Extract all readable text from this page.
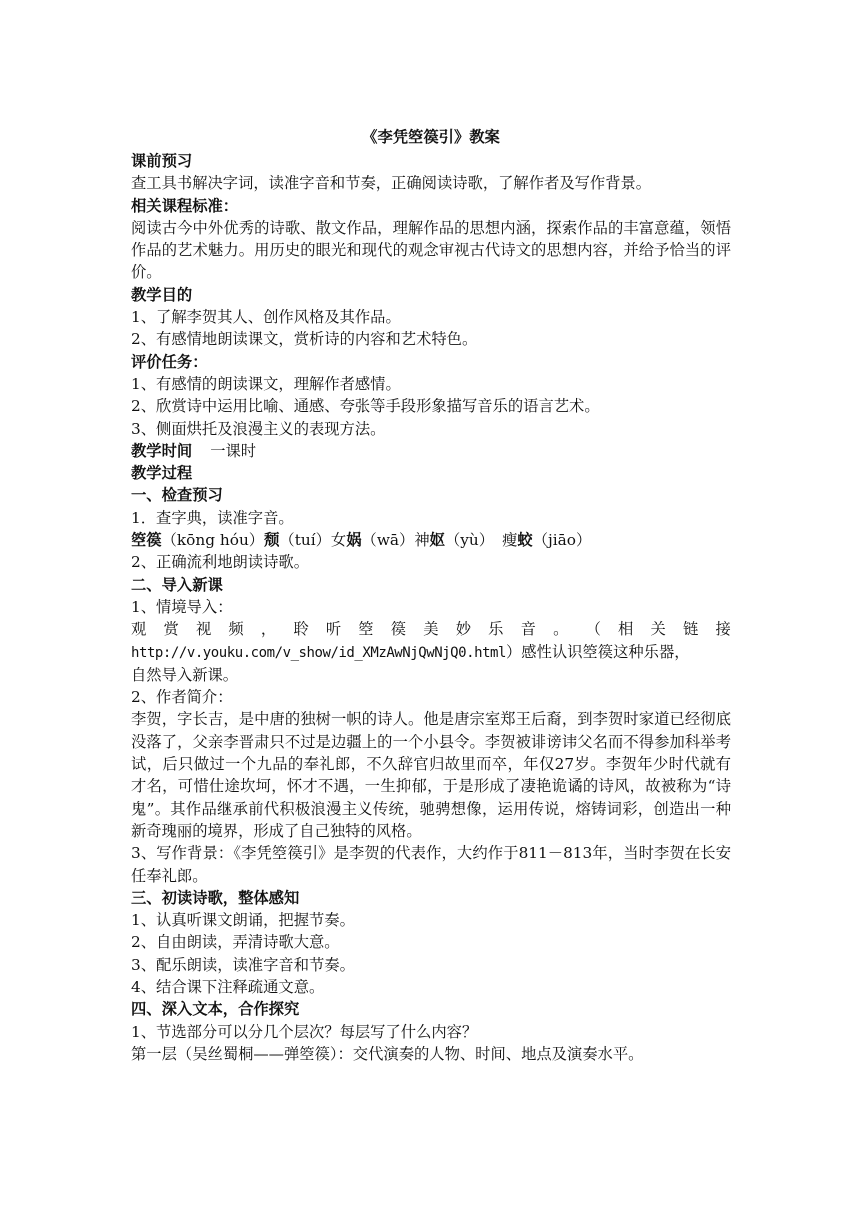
《李凭箜篌引》教案

课前预习

查工具书解决字词，读准字音和节奏，正确阅读诗歌，了解作者及写作背景。

相关课程标准：

阅读古今中外优秀的诗歌、散文作品，理解作品的思想内涵，探索作品的丰富意蕴，领悟作品的艺术魅力。用历史的眼光和现代的观念审视古代诗文的思想内容，并给予恰当的评价。

教学目的

1、了解李贺其人、创作风格及其作品。

2、有感情地朗读课文，赏析诗的内容和艺术特色。

评价任务：

1、有感情的朗读课文，理解作者感情。

2、欣赏诗中运用比喻、通感、夸张等手段形象描写音乐的语言艺术。

3、侧面烘托及浪漫主义的表现方法。

教学时间 一课时

教学过程

一、检查预习

1．查字典，读准字音。

箜篌（kōng hóu）颓（tuí）女娲（wā）神妪（yù） 瘦蛟（jiāo）

2、正确流利地朗读诗歌。

二、导入新课

1、情境导入：

观 赏 视 频 ， 聆 听 箜 篌 美 妙 乐 音 。 （ 相 关 链 接

http://v.youku.com/v_show/id_XMzAwNjQwNjQ0.html）感性认识箜篌这种乐器，

自然导入新课。

2、作者简介：

李贺，字长吉，是中唐的独树一帜的诗人。他是唐宗室郑王后裔，到李贺时家道已经彻底没落了，父亲李晋肃只不过是边疆上的一个小县令。李贺被诽谤讳父名而不得参加科举考试，后只做过一个九品的奉礼郎，不久辞官归故里而卒，年仅27岁。李贺年少时代就有才名，可惜仕途坎坷，怀才不遇，一生抑郁，于是形成了凄艳诡谲的诗风，故被称为“诗鬼”。其作品继承前代积极浪漫主义传统，驰骋想像，运用传说，熔铸词彩，创造出一种新奇瑰丽的境界，形成了自己独特的风格。

3、写作背景：《李凭箜篌引》是李贺的代表作，大约作于811－813年，当时李贺在长安任奉礼郎。

三、初读诗歌，整体感知

1、认真听课文朗诵，把握节奏。

2、自由朗读，弄清诗歌大意。

3、配乐朗读，读准字音和节奏。

4、结合课下注释疏通文意。

四、深入文本，合作探究

1、节选部分可以分几个层次？每层写了什么内容？

第一层（吴丝蜀桐——弹箜篌）：交代演奏的人物、时间、地点及演奏水平。
